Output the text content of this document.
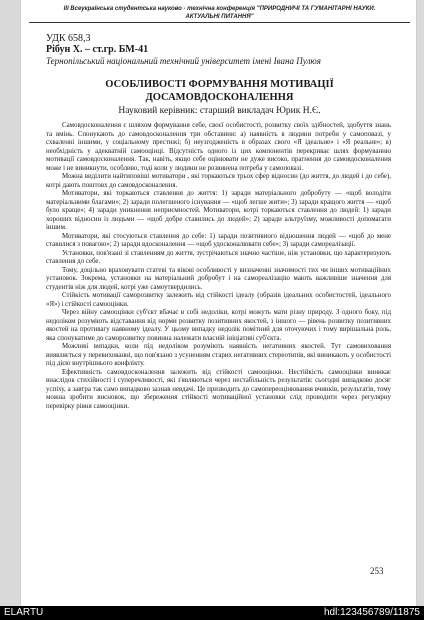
III Всеукраїнська студентська науково - технічна конференція "ПРИРОДНИЧІ ТА ГУМАНІТАРНІ НАУКИ.
АКТУАЛЬНІ ПИТАННЯ"
УДК 658,3
Рібун Х. – ст.гр. БМ-41
Тернопільський національний технічний університет імені Івана Пулюя
ОСОБЛИВОСТІ ФОРМУВАННЯ МОТИВАЦІЇ
ДОСАМОВДОСКОНАЛЕННЯ
Науковий керівник: старший викладач Юрик Н.Є.

Самовдосконалення є шляхом формування себе, своєї особистості, розвитку своїх здібностей, здобуття знань та вмінь. Спонукають до самовдосконалення три обставини: а) наявність в людини потреби у самоповазі, у схваленні іншими, у соціальному престижі; б) неузгодженість в образах свого «Я ідеальне» і «Я реальне»; в) необхідність у адекватній самооцінці. Відсутність одного із цих компонентів перекриває шлях формуванню мотивації самовдосконалення. Так, навіть, якщо себе оцінювати не дуже високо, прагнення до самовдосконалення може і не виникнути, особливо, тоді коли у людини не розвинена потреба у самоповазі.

Можна виділити найтиповіші мотиватори , які торкаються трьох сфер відносин (до життя, до людей і до себе), котрі дають поштовх до самовдосконалення.

Мотиватори, які торкаються ставлення до життя: 1) заради матеріального добробуту — «щоб володіти матеріальними благами»; 2) заради полегшеного існування — «щоб легше жити»; 3) заради кращого життя — «щоб було краще»; 4) заради уникнення неприємностей. Мотиватори, котрі торкаються ставлення до людей: 1) заради хороших відносин із людьми — «щоб добре ставились до людей»; 2) заради альтруїзму, можливості допомагати іншим.

Мотиватори, які стосуються ставлення до себе: 1) заради позитивного відношення людей — «щоб до мене ставилися з повагою»; 2) заради вдосконалення — «щоб удосконалювати себе»; 3) заради самореалізації.

Установки, пов'язані зі ставленням до життя, зустрічаються значно частіше, ніж установки, що характеризують ставлення до себе.

Тому, доцільно враховувати статеві та вікові особливості у визначенні значимості тих чи інших мотиваційних установок. Зокрема, установки на матеріальний добробут і на самореалізацію мають важливіше значення для студентів ніж для людей, котрі уже самоутвердились.

Стійкість мотивації саморозвитку залежить від стійкості ідеалу (образів ідеальних особистостей, ідеального «Я») і стійкості самооцінки.

Через війну самооцінки суб'єкт вбачає в собі недоліки, котрі можуть мати різну природу. З одного боку, під недоліком розуміють відставання від норми розвитку позитивних якостей, з іншого — рівень розвитку позитивних якостей на противагу наявному ідеалу. У цьому випадку недолік помітний для оточуючих і тому вирішальна роль, яка спонукатиме до саморозвитку повинна належати власній ініціативі суб'єкта.

Можливі випадки, коли під недоліком розуміють наявність негативних якостей. Тут самовиховання виявляється у перевихованні, що пов'язано з усуненням старих негативних стереотипів, які виникають у особистості під дією внутрішнього конфлікту.

Ефективність самовдосконалення залежить від стійкості самооцінки. Нестійкість самооцінки виникає внаслідок стихійності і суперечливості, які з'являються через нестабільність результатів: сьогодні випадково досяг успіху, а завтра так само випадково зазнав невдачі. Це призводить до самопереоцінювання вчинків, результатів, тому можна зробити висновок, що збереження стійкості мотиваційної установки слід проводити через регулярну перевірку рівня самооцінки.

253
ELARTU	hdl:123456789/11875
